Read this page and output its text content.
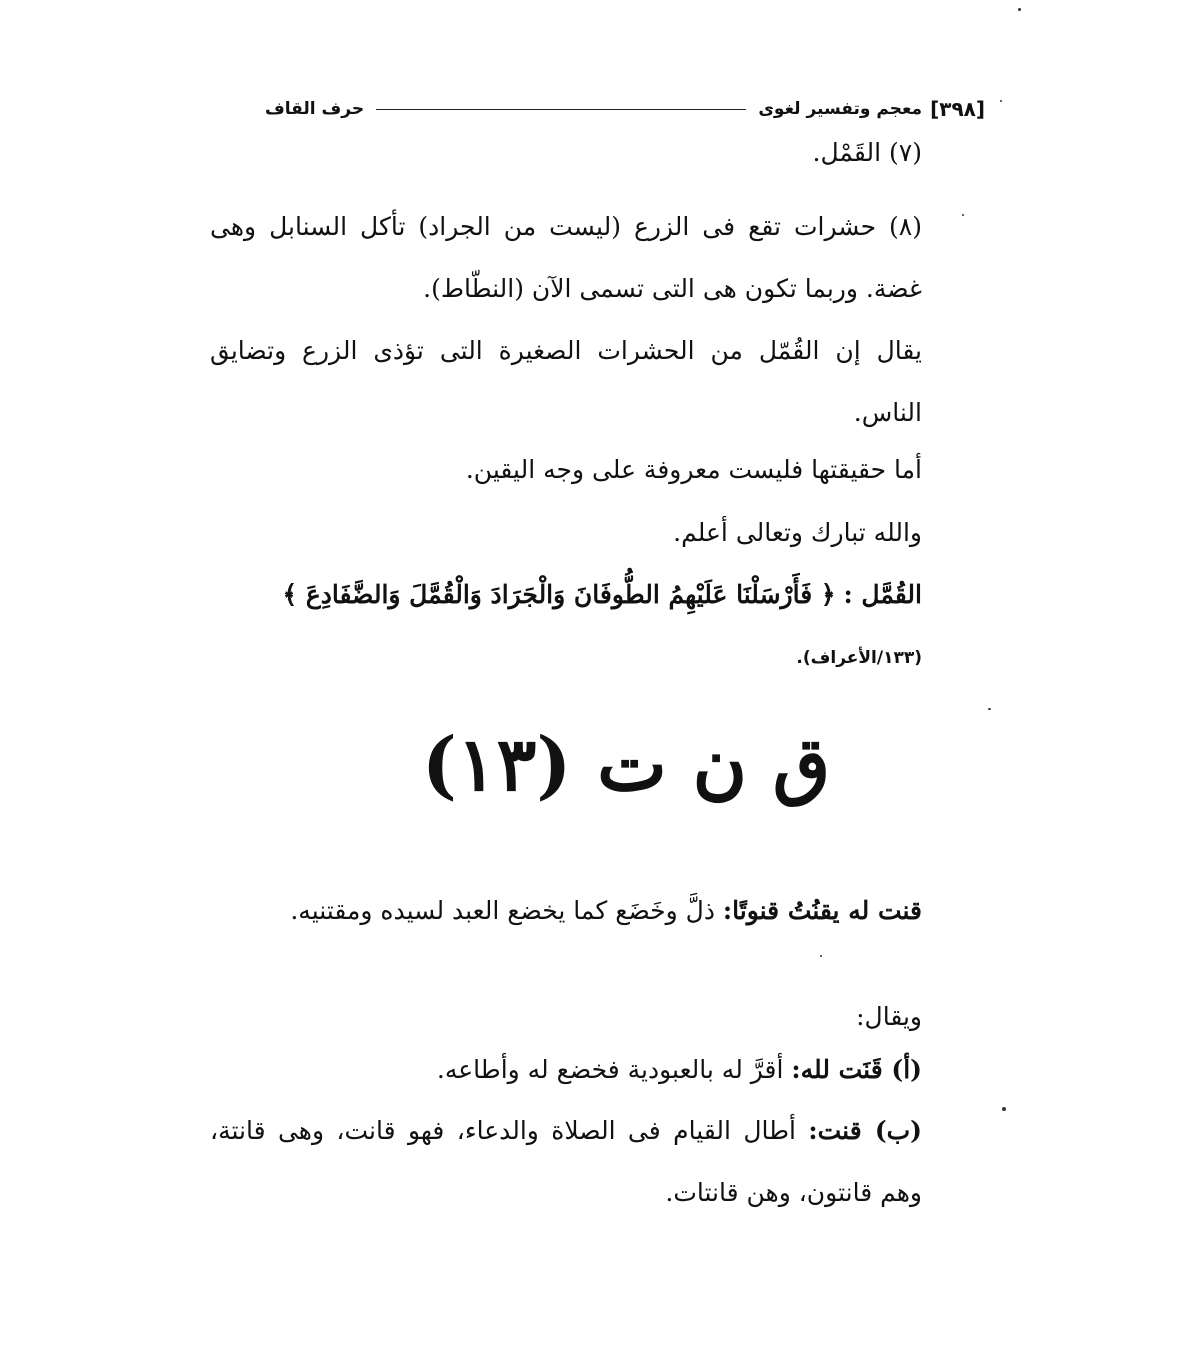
[٣٩٨]
معجم وتفسير لغوى
حرف القاف
(٧) القَمْل.
(٨) حشرات تقع فى الزرع (ليست من الجراد) تأكل السنابل وهى غضة. وربما تكون هى التى تسمى الآن (النطّاط).
يقال إن القُمّل من الحشرات الصغيرة التى تؤذى الزرع وتضايق الناس.
أما حقيقتها فليست معروفة على وجه اليقين.
والله تبارك وتعالى أعلم.
القُمَّل : ﴿ فَأَرْسَلْنَا عَلَيْهِمُ الطُّوفَانَ وَالْجَرَادَ وَالْقُمَّلَ وَالضَّفَادِعَ ﴾
(١٣٣/الأعراف).
ق ن ت (١٣)
قنت له يقنُتُ قنوتًا: ذلَّ وخَضَع كما يخضع العبد لسيده ومقتنيه.
ويقال:
(أ) قَنَت لله: أقرَّ له بالعبودية فخضع له وأطاعه.
(ب) قنت: أطال القيام فى الصلاة والدعاء، فهو قانت، وهى قانتة، وهم قانتون، وهن قانتات.
